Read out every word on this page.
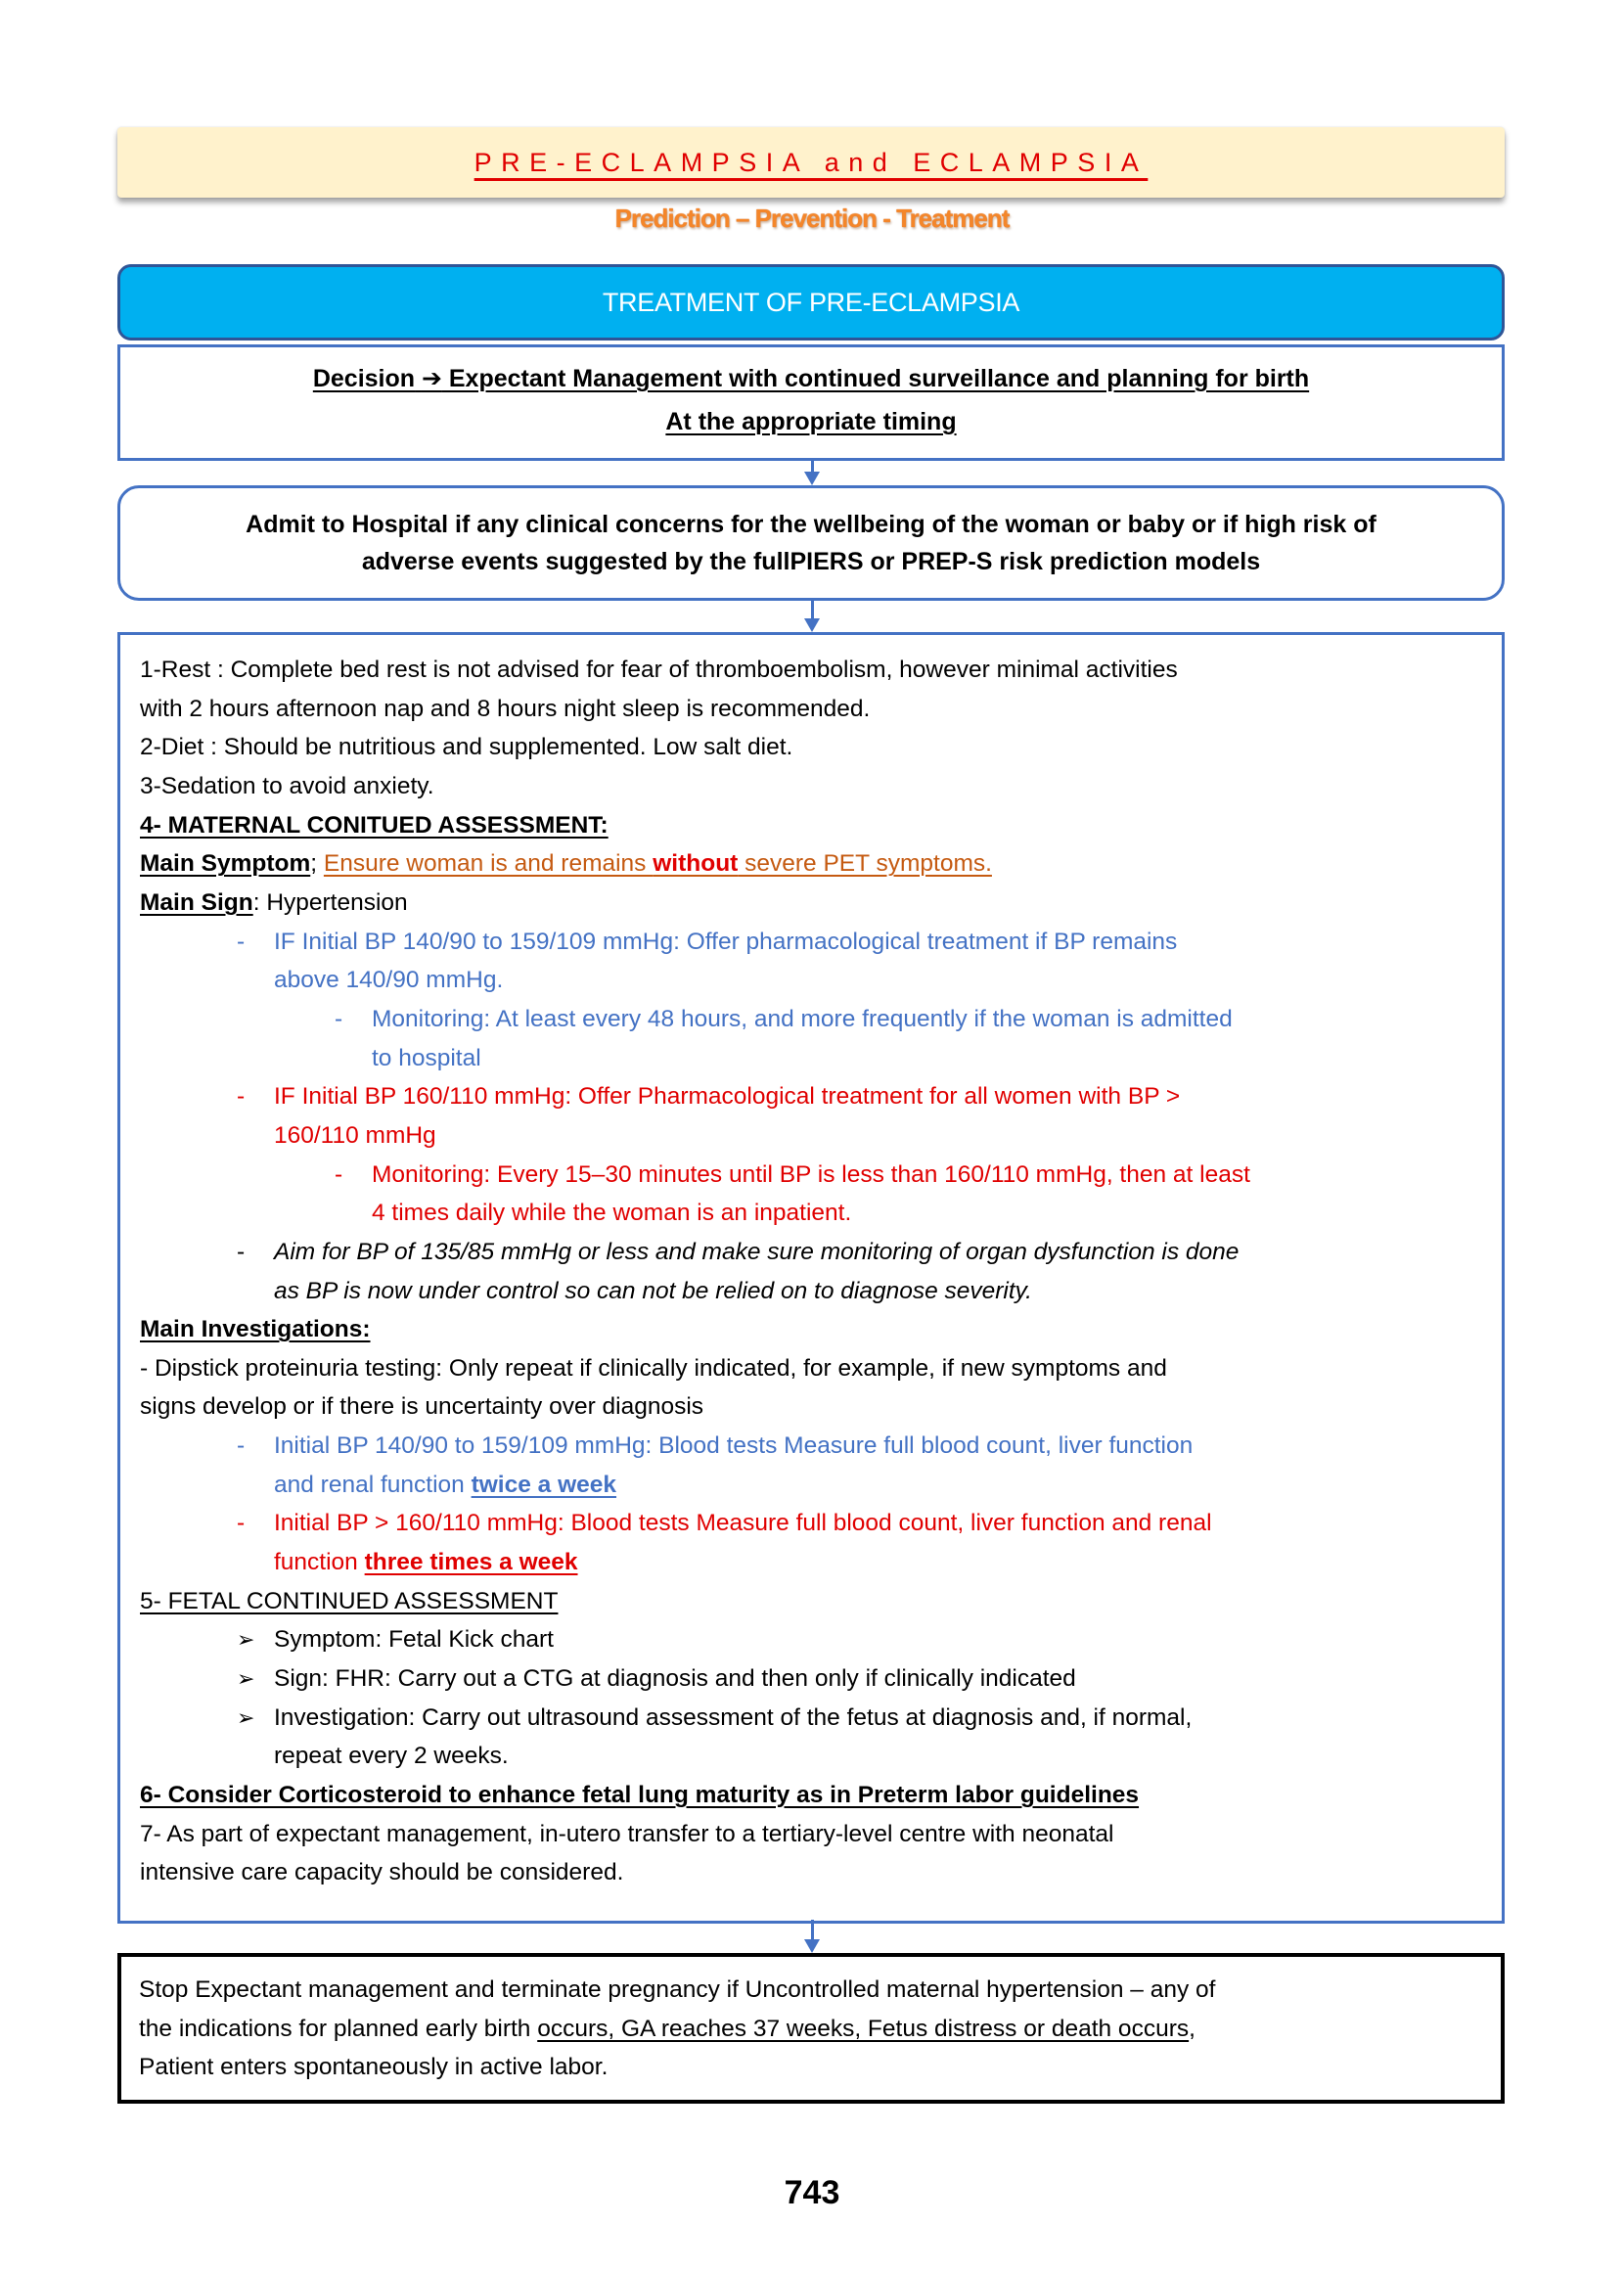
PRE-ECLAMPSIA and ECLAMPSIA
Prediction – Prevention - Treatment
TREATMENT OF PRE-ECLAMPSIA
Decision ➔ Expectant Management with continued surveillance and planning for birth
At the appropriate timing
Admit to Hospital if any clinical concerns for the wellbeing of the woman or baby or if high risk of
adverse events suggested by the fullPIERS or PREP-S risk prediction models
1-Rest : Complete bed rest is not advised for fear of thromboembolism, however minimal activities
with 2 hours afternoon nap and 8 hours night sleep is recommended.
2-Diet : Should be nutritious and supplemented. Low salt diet.
3-Sedation to avoid anxiety.
4- MATERNAL CONITUED ASSESSMENT:
Main Symptom; Ensure woman is and remains without severe PET symptoms.
Main Sign: Hypertension
- IF Initial BP 140/90 to 159/109 mmHg: Offer pharmacological treatment if BP remains
above 140/90 mmHg.
- Monitoring: At least every 48 hours, and more frequently if the woman is admitted
to hospital
- IF Initial BP 160/110 mmHg: Offer Pharmacological treatment for all women with BP >
160/110 mmHg
- Monitoring: Every 15–30 minutes until BP is less than 160/110 mmHg, then at least
4 times daily while the woman is an inpatient.
- Aim for BP of 135/85 mmHg or less and make sure monitoring of organ dysfunction is done
as BP is now under control so can not be relied on to diagnose severity.
Main Investigations:
- Dipstick proteinuria testing: Only repeat if clinically indicated, for example, if new symptoms and
signs develop or if there is uncertainty over diagnosis
- Initial BP 140/90 to 159/109 mmHg: Blood tests Measure full blood count, liver function
and renal function twice a week
- Initial BP > 160/110 mmHg: Blood tests Measure full blood count, liver function and renal
function three times a week
5- FETAL CONTINUED ASSESSMENT
➢ Symptom: Fetal Kick chart
➢ Sign: FHR: Carry out a CTG at diagnosis and then only if clinically indicated
➢ Investigation: Carry out ultrasound assessment of the fetus at diagnosis and, if normal,
repeat every 2 weeks.
6- Consider Corticosteroid to enhance fetal lung maturity as in Preterm labor guidelines
7- As part of expectant management, in-utero transfer to a tertiary-level centre with neonatal
intensive care capacity should be considered.
Stop Expectant management and terminate pregnancy if Uncontrolled maternal hypertension – any of
the indications for planned early birth occurs, GA reaches 37 weeks, Fetus distress or death occurs,
Patient enters spontaneously in active labor.
743
